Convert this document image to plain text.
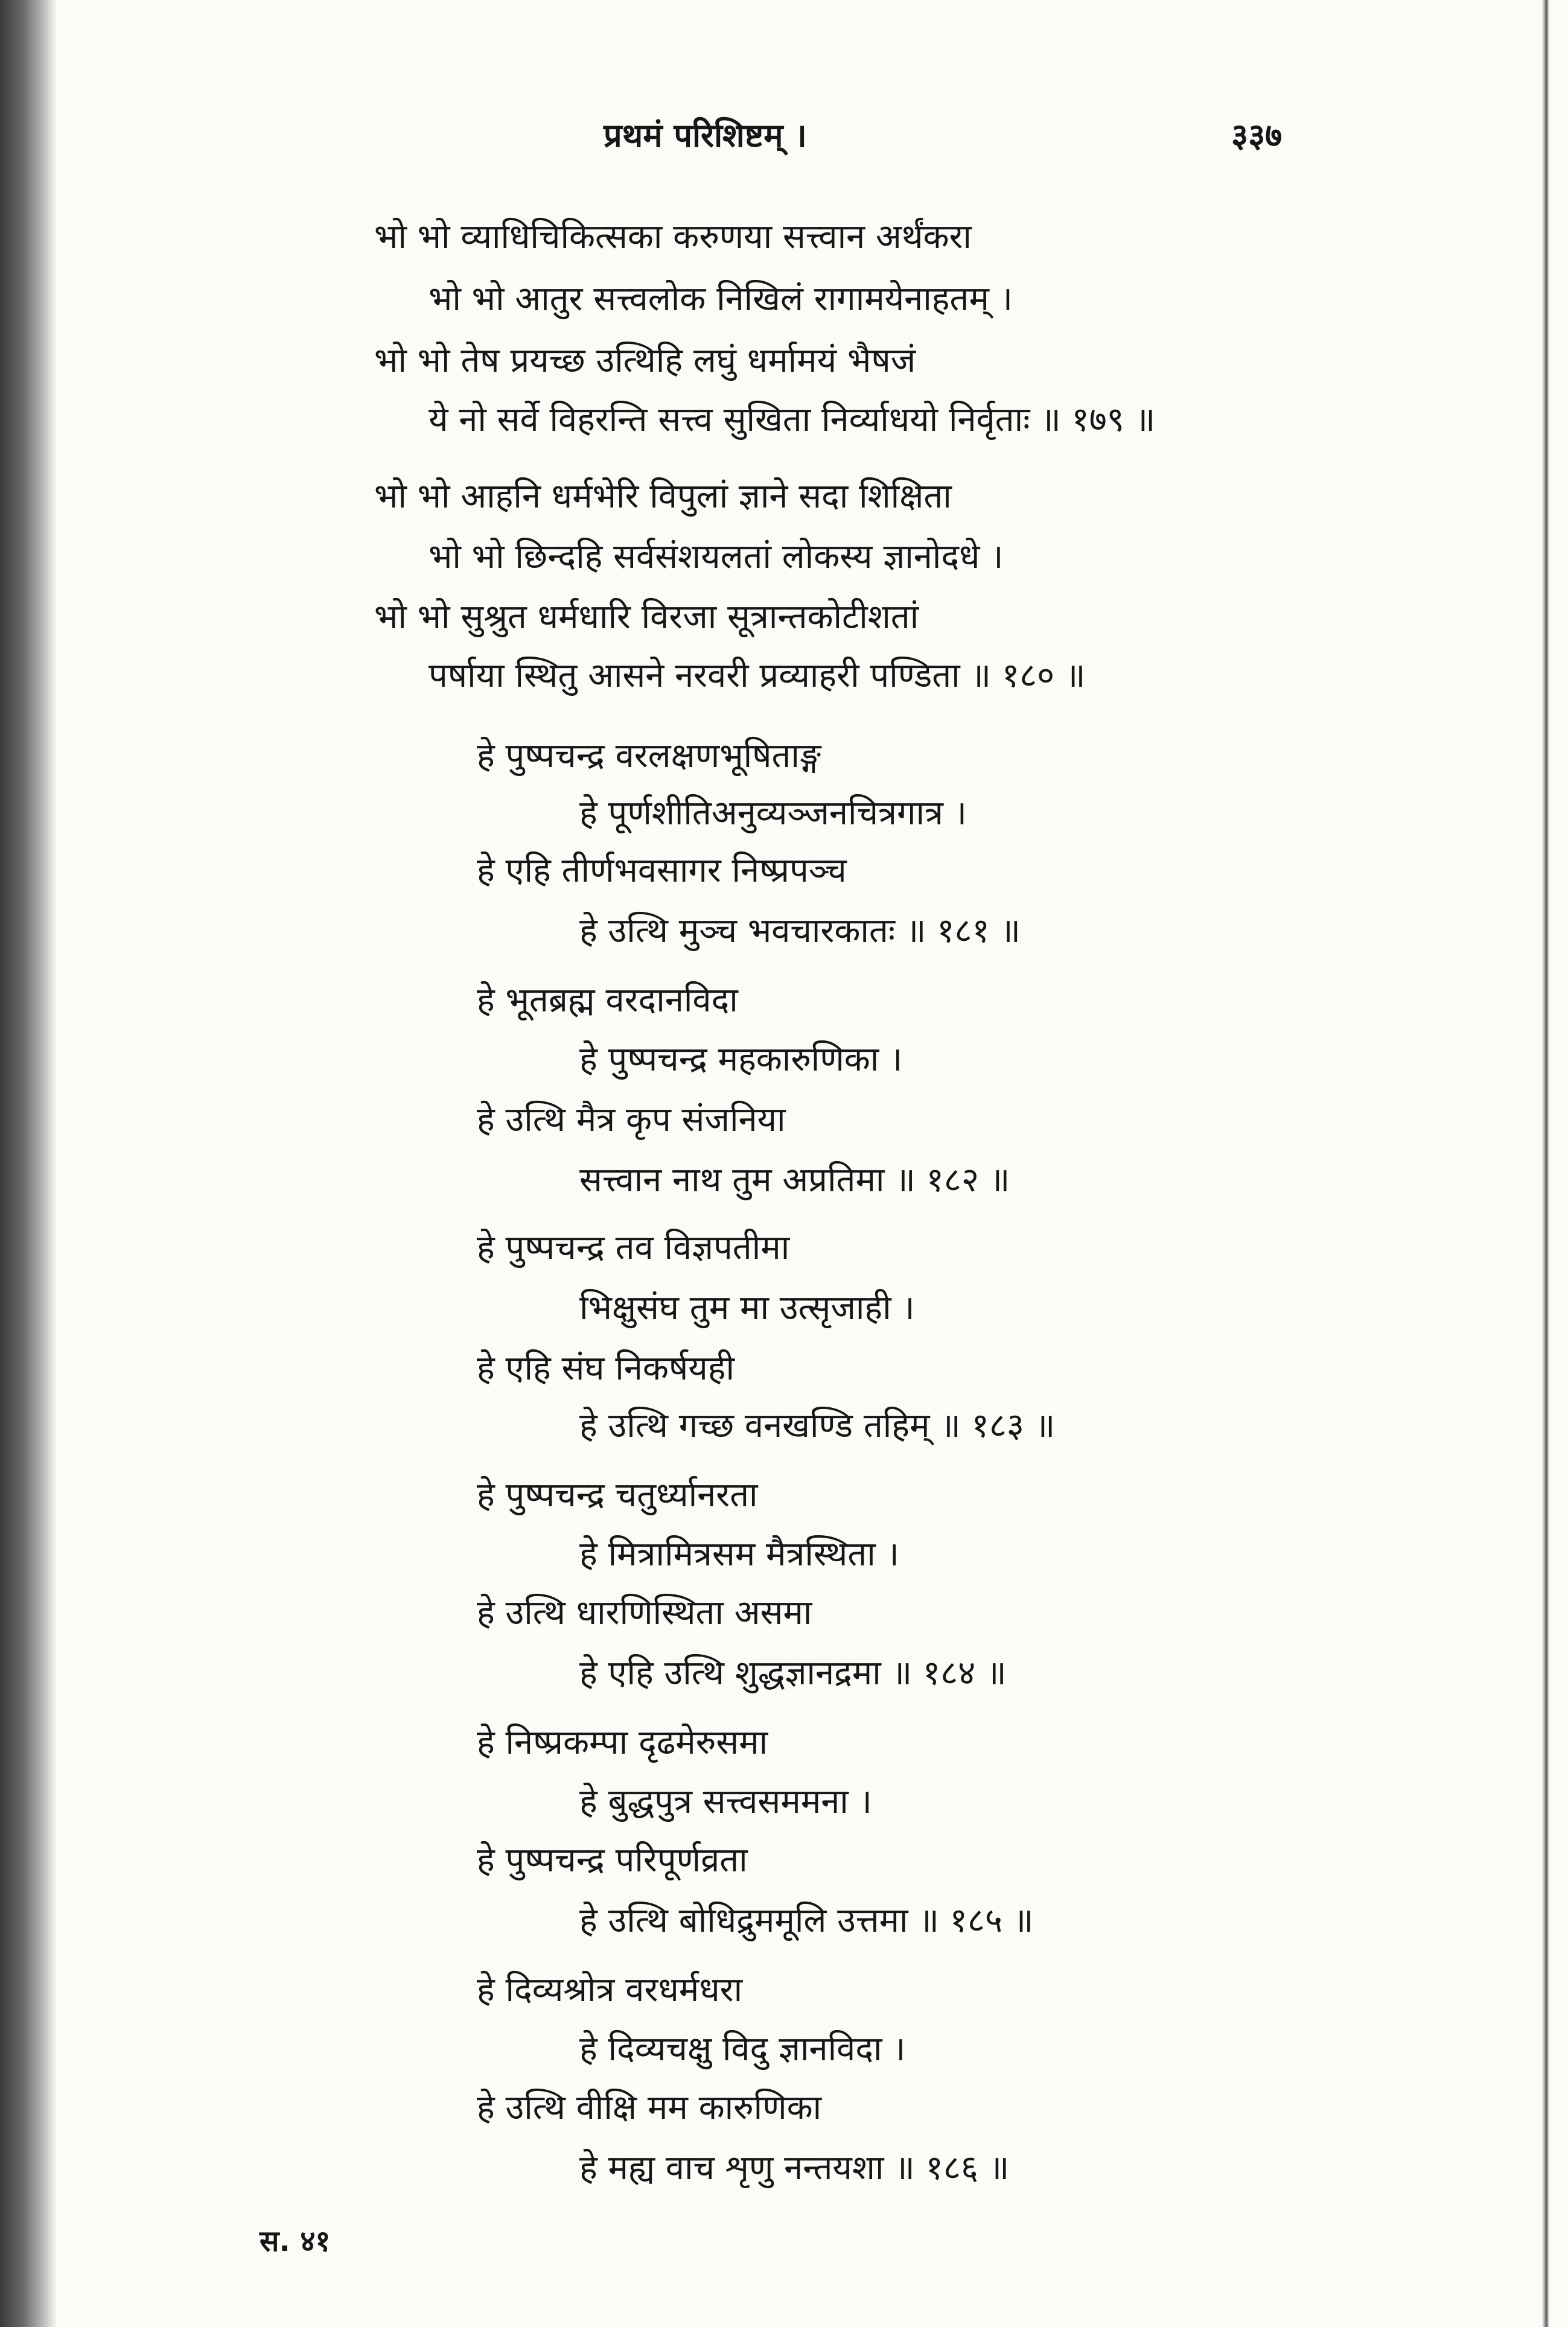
प्रथमं परिशिष्टम् ।	३३७
भो भो व्याधिचिकित्सका करुणया सत्त्वान अर्थंकरा
भो भो आतुर सत्त्वलोक निखिलं रागामयेनाहतम् ।
भो भो तेष प्रयच्छ उत्थिहि लघुं धर्मामयं भैषजं
ये नो सर्वे विहरन्ति सत्त्व सुखिता निर्व्याधयो निर्वृताः ॥ १७९ ॥
भो भो आहनि धर्मभेरि विपुलां ज्ञाने सदा शिक्षिता
भो भो छिन्दहि सर्वसंशयलतां लोकस्य ज्ञानोदधे ।
भो भो सुश्रुत धर्मधारि विरजा सूत्रान्तकोटीशतां
पर्षाया स्थितु आसने नरवरी प्रव्याहरी पण्डिता ॥ १८० ॥
हे पुष्पचन्द्र वरलक्षणभूषिताङ्ग
हे पूर्णशीतिअनुव्यञ्जनचित्रगात्र ।
हे एहि तीर्णभवसागर निष्प्रपञ्च
हे उत्थि मुञ्च भवचारकातः ॥ १८१ ॥
हे भूतब्रह्म वरदानविदा
हे पुष्पचन्द्र महकारुणिका ।
हे उत्थि मैत्र कृप संजनिया
सत्त्वान नाथ तुम अप्रतिमा ॥ १८२ ॥
हे पुष्पचन्द्र तव विज्ञपतीमा
भिक्षुसंघ तुम मा उत्सृजाही ।
हे एहि संघ निकर्षयही
हे उत्थि गच्छ वनखण्डि तहिम् ॥ १८३ ॥
हे पुष्पचन्द्र चतुर्ध्यानरता
हे मित्रामित्रसम मैत्रस्थिता ।
हे उत्थि धारणिस्थिता असमा
हे एहि उत्थि शुद्धज्ञानद्रमा ॥ १८४ ॥
हे निष्प्रकम्पा दृढमेरुसमा
हे बुद्धपुत्र सत्त्वसममना ।
हे पुष्पचन्द्र परिपूर्णव्रता
हे उत्थि बोधिद्रुममूलि उत्तमा ॥ १८५ ॥
हे दिव्यश्रोत्र वरधर्मधरा
हे दिव्यचक्षु विदु ज्ञानविदा ।
हे उत्थि वीक्षि मम कारुणिका
हे मह्य वाच शृणु नन्तयशा ॥ १८६ ॥
स. ४१
